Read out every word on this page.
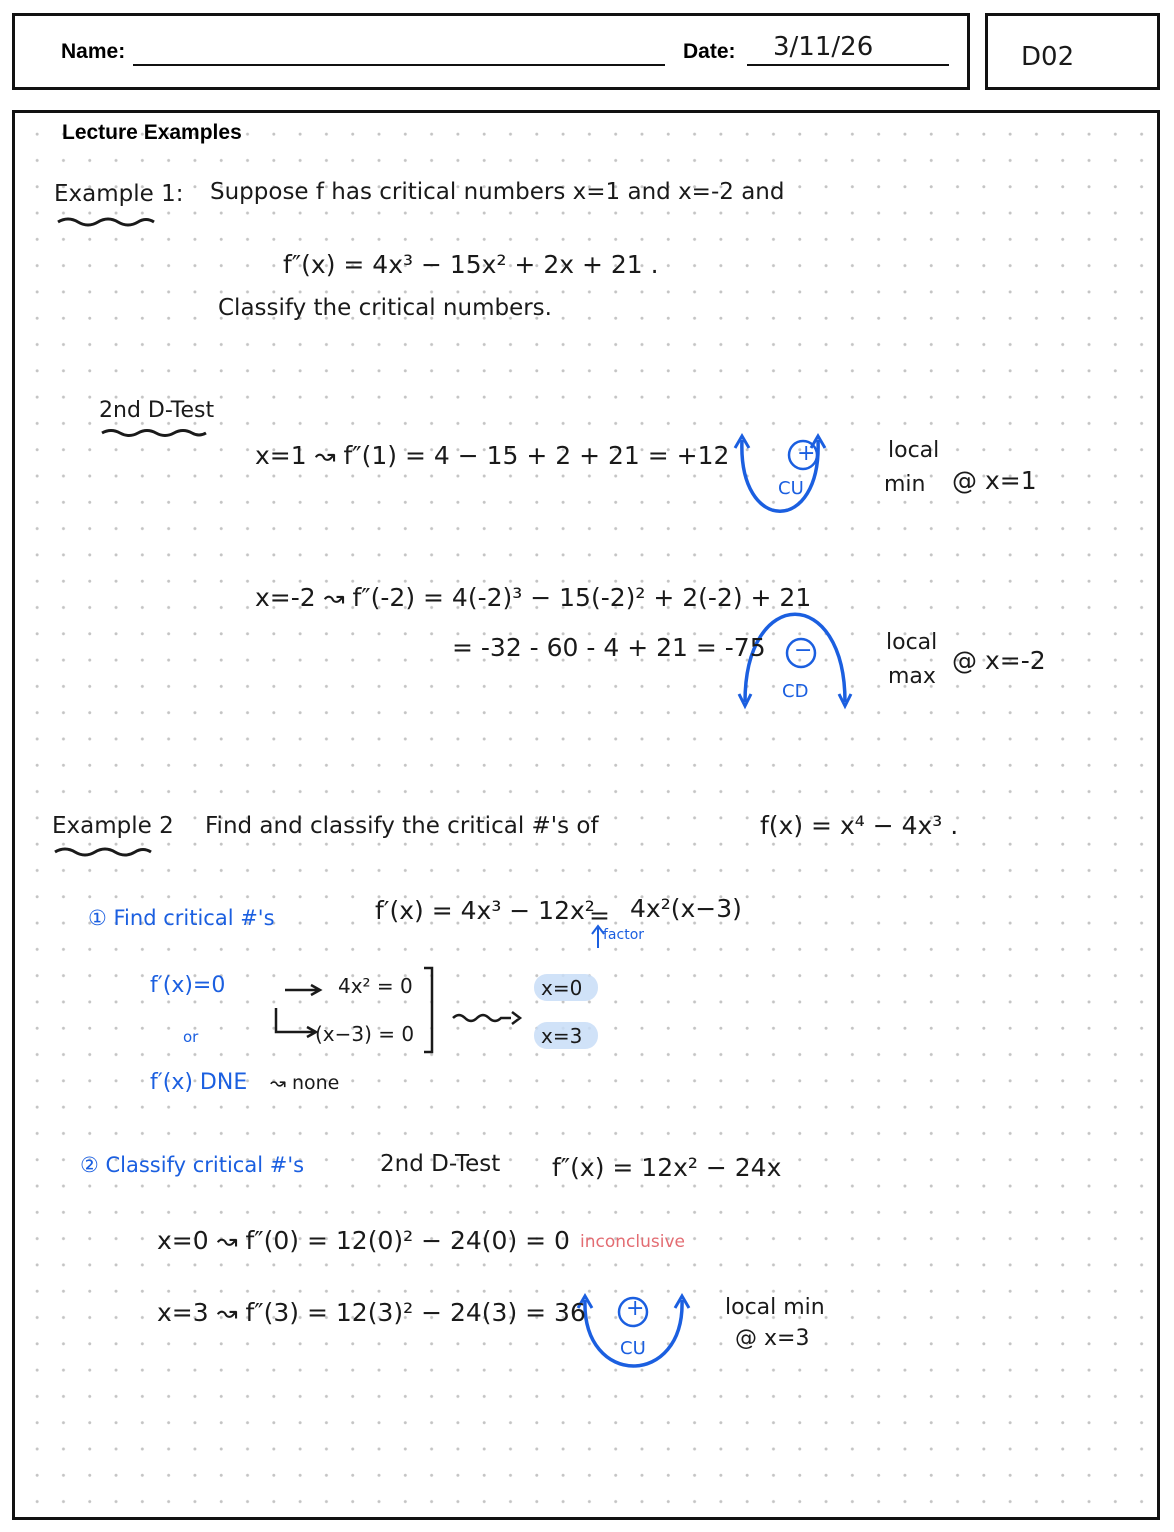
Name:	Date: 3/11/26	D02
Lecture Examples
Example 1: Suppose f has critical numbers x=1 and x=-2 and
f″(x) = 4x³ − 15x² + 2x + 21 .
Classify the critical numbers.
2nd D-Test
x=1 ↝ f″(1) = 4 − 15 + 2 + 21 = +12	+
CU
local
min @ x=1
x=-2 ↝ f″(-2) = 4(-2)³ − 15(-2)² + 2(-2) + 21
= -32 - 60 - 4 + 21 = -75 −
CD
local
max
@ x=-2
Example 2 Find and classify the critical #'s of	f(x) = x⁴ − 4x³ .
① Find critical #'s	f′(x) = 4x³ − 12x²
= 4x²(x−3)
factor
f′(x)=0
or
f′(x) DNE
4x² = 0
(x−3) = 0
↝ none
x=0
x=3
② Classify critical #'s	2nd D-Test f″(x) = 12x² − 24x
x=0 ↝ f″(0) = 12(0)² − 24(0) = 0 inconclusive
x=3 ↝ f″(3) = 12(3)² − 24(3) = 36 +
CU
local min
@ x=3
